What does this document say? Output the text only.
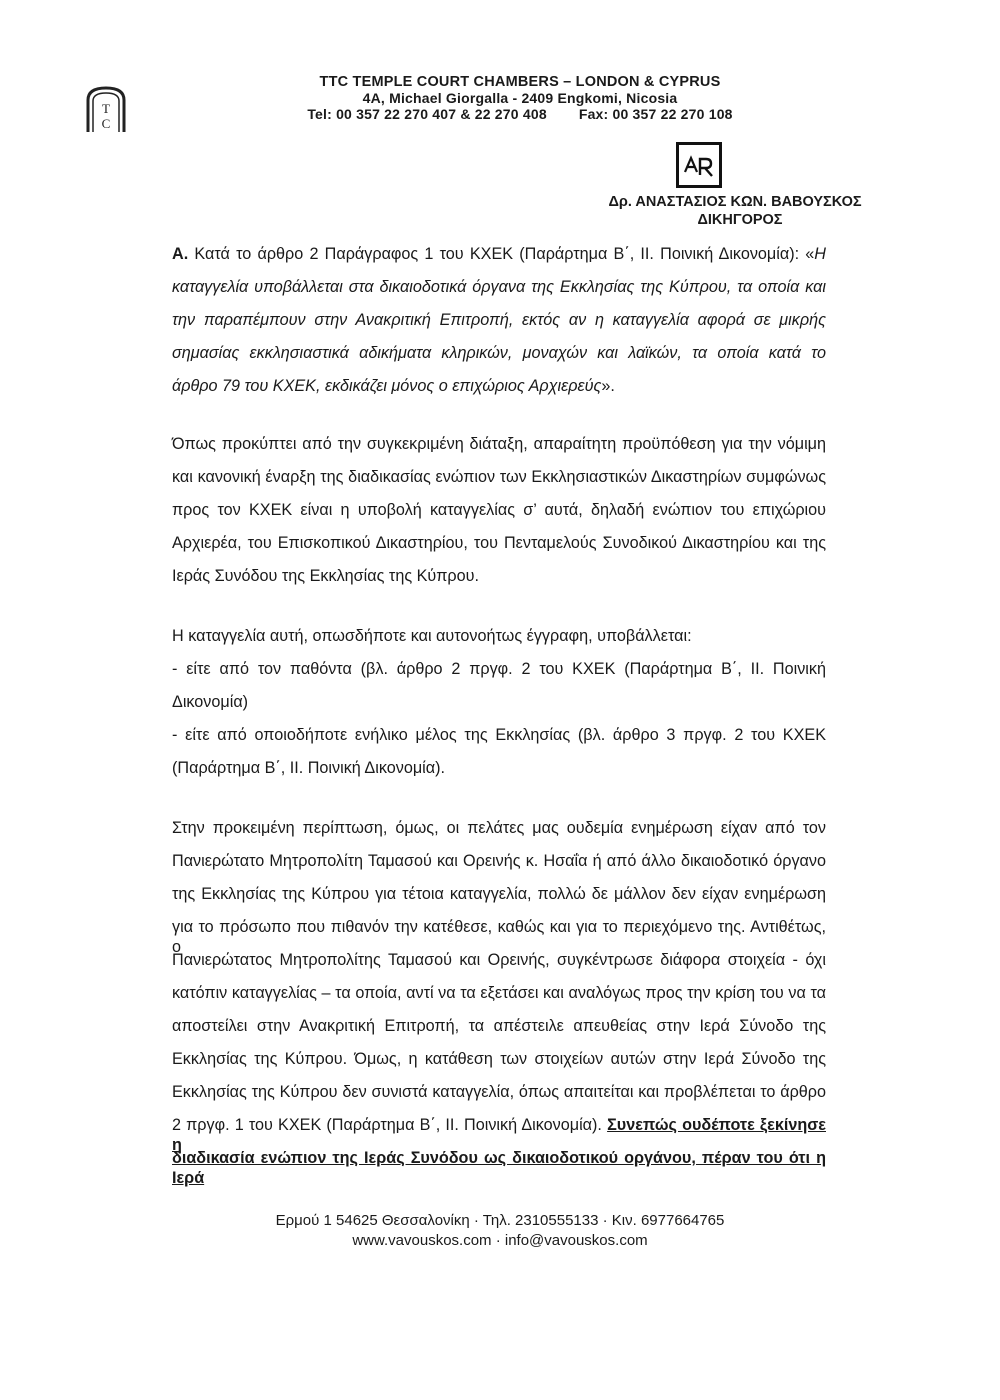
T
C
TTC TEMPLE COURT CHAMBERS – LONDON & CYPRUS
4A, Michael Giorgalla - 2409 Engkomi, Nicosia
Tel: 00 357 22 270 407 & 22 270 408 Fax: 00 357 22 270 108
Δρ. ΑΝΑΣΤΑΣΙΟΣ ΚΩΝ. ΒΑΒΟΥΣΚΟΣ
ΔΙΚΗΓΟΡΟΣ
Α. Κατά το άρθρο 2 Παράγραφος 1 του ΚΧΕΚ (Παράρτημα Β΄, ΙΙ. Ποινική Δικονομία): «Η
καταγγελία υποβάλλεται στα δικαιοδοτικά όργανα της Εκκλησίας της Κύπρου, τα οποία και
την παραπέμπουν στην Ανακριτική Επιτροπή, εκτός αν η καταγγελία αφορά σε μικρής
σημασίας εκκλησιαστικά αδικήματα κληρικών, μοναχών και λαϊκών, τα οποία κατά το
άρθρο 79 του ΚΧΕΚ, εκδικάζει μόνος ο επιχώριος Αρχιερεύς».
Όπως προκύπτει από την συγκεκριμένη διάταξη, απαραίτητη προϋπόθεση για την νόμιμη
και κανονική έναρξη της διαδικασίας ενώπιον των Εκκλησιαστικών Δικαστηρίων συμφώνως
προς τον ΚΧΕΚ είναι η υποβολή καταγγελίας σ’ αυτά, δηλαδή ενώπιον του επιχώριου
Αρχιερέα, του Επισκοπικού Δικαστηρίου, του Πενταμελούς Συνοδικού Δικαστηρίου και της
Ιεράς Συνόδου της Εκκλησίας της Κύπρου.
Η καταγγελία αυτή, οπωσδήποτε και αυτονοήτως έγγραφη, υποβάλλεται:
- είτε από τον παθόντα (βλ. άρθρο 2 πργφ. 2 του ΚΧΕΚ (Παράρτημα Β΄, ΙΙ. Ποινική
Δικονομία)
- είτε από οποιοδήποτε ενήλικο μέλος της Εκκλησίας (βλ. άρθρο 3 πργφ. 2 του ΚΧΕΚ
(Παράρτημα Β΄, ΙΙ. Ποινική Δικονομία).
Στην προκειμένη περίπτωση, όμως, οι πελάτες μας ουδεμία ενημέρωση είχαν από τον
Πανιερώτατο Μητροπολίτη Ταμασού και Ορεινής κ. Ησαΐα ή από άλλο δικαιοδοτικό όργανο
της Εκκλησίας της Κύπρου για τέτοια καταγγελία, πολλώ δε μάλλον δεν είχαν ενημέρωση
για το πρόσωπο που πιθανόν την κατέθεσε, καθώς και για το περιεχόμενο της. Αντιθέτως, ο
Πανιερώτατος Μητροπολίτης Ταμασού και Ορεινής, συγκέντρωσε διάφορα στοιχεία - όχι
κατόπιν καταγγελίας – τα οποία, αντί να τα εξετάσει και αναλόγως προς την κρίση του να τα
αποστείλει στην Ανακριτική Επιτροπή, τα απέστειλε απευθείας στην Ιερά Σύνοδο της
Εκκλησίας της Κύπρου. Όμως, η κατάθεση των στοιχείων αυτών στην Ιερά Σύνοδο της
Εκκλησίας της Κύπρου δεν συνιστά καταγγελία, όπως απαιτείται και προβλέπεται το άρθρο
2 πργφ. 1 του ΚΧΕΚ (Παράρτημα Β΄, ΙΙ. Ποινική Δικονομία). Συνεπώς ουδέποτε ξεκίνησε η
διαδικασία ενώπιον της Ιεράς Συνόδου ως δικαιοδοτικού οργάνου, πέραν του ότι η Ιερά
Ερμού 1 54625 Θεσσαλονίκη · Τηλ. 2310555133 · Κιν. 6977664765
www.vavouskos.com · info@vavouskos.com
